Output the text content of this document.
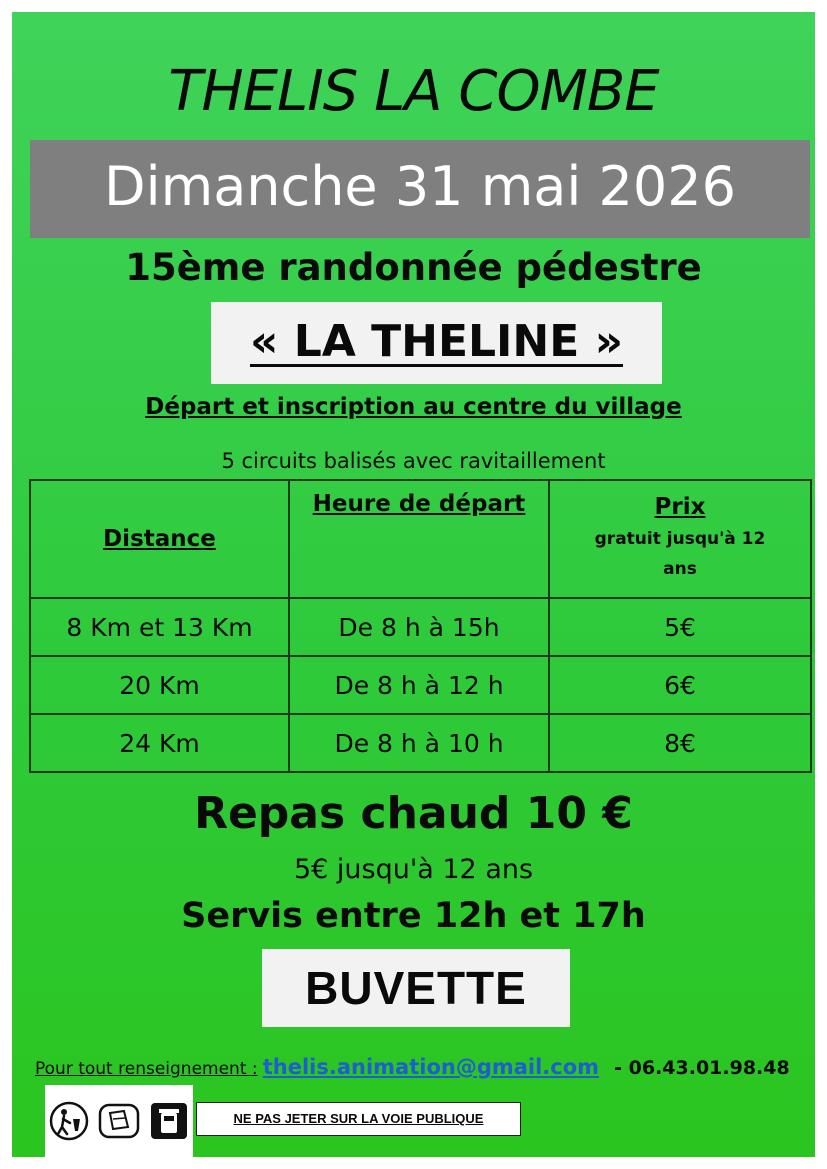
THELIS LA COMBE
Dimanche 31 mai 2026
15ème randonnée pédestre
« LA THELINE »
Départ et inscription au centre du village
5 circuits balisés avec ravitaillement
Distance	Heure de départ	Prix
gratuit jusqu'à 12 ans

8 Km et 13 Km	De 8 h à 15h	5€
20 Km	De 8 h à 12 h	6€
24 Km	De 8 h à 10 h	8€
Repas chaud 10 €
5€ jusqu'à 12 ans
Servis entre 12h et 17h
BUVETTE
Pour tout renseignement : thelis.animation@gmail.com - 06.43.01.98.48
NE PAS JETER SUR LA VOIE PUBLIQUE
